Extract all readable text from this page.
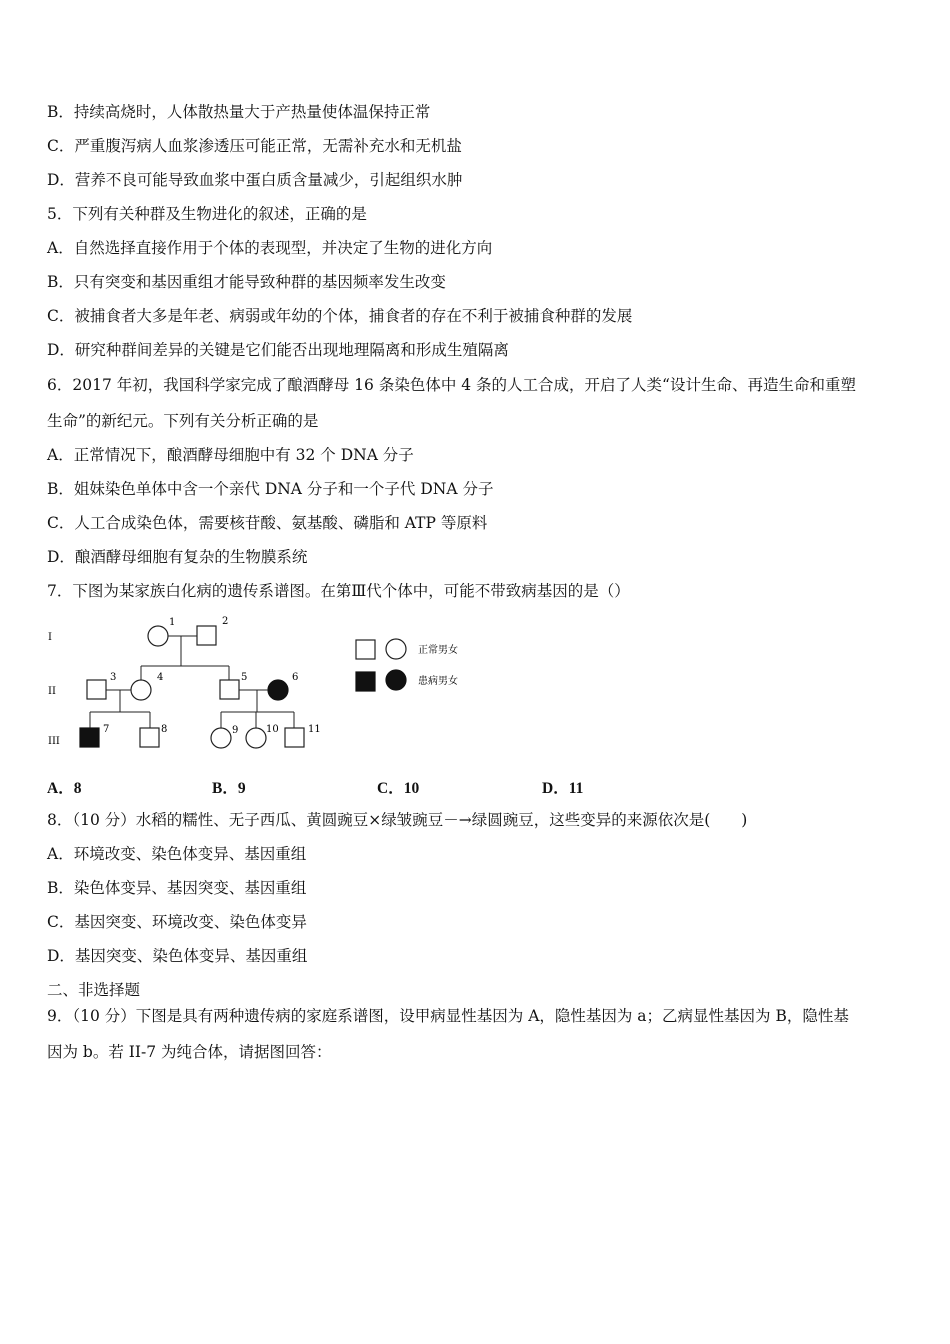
B．持续高烧时，人体散热量大于产热量使体温保持正常
C．严重腹泻病人血浆渗透压可能正常，无需补充水和无机盐
D．营养不良可能导致血浆中蛋白质含量减少，引起组织水肿
5．下列有关种群及生物进化的叙述，正确的是
A．自然选择直接作用于个体的表现型，并决定了生物的进化方向
B．只有突变和基因重组才能导致种群的基因频率发生改变
C．被捕食者大多是年老、病弱或年幼的个体，捕食者的存在不利于被捕食种群的发展
D．研究种群间差异的关键是它们能否出现地理隔离和形成生殖隔离
6．2017 年初，我国科学家完成了酿酒酵母 16 条染色体中 4 条的人工合成，开启了人类“设计生命、再造生命和重塑
生命”的新纪元。下列有关分析正确的是
A．正常情况下，酿酒酵母细胞中有 32 个 DNA 分子
B．姐妹染色单体中含一个亲代 DNA 分子和一个子代 DNA 分子
C．人工合成染色体，需要核苷酸、氨基酸、磷脂和 ATP 等原料
D．酿酒酵母细胞有复杂的生物膜系统
7．下图为某家族白化病的遗传系谱图。在第Ⅲ代个体中，可能不带致病基因的是（）
I
II
III
1	2
3	4	5	6
7	8	9	10	11
正常男女
患病男女
A．8	B．9	C．10	D．11
8．（10 分）水稻的糯性、无子西瓜、黄圆豌豆×绿皱豌豆－→绿圆豌豆，这些变异的来源依次是(　　)
A．环境改变、染色体变异、基因重组
B．染色体变异、基因突变、基因重组
C．基因突变、环境改变、染色体变异
D．基因突变、染色体变异、基因重组
二、非选择题
9．（10 分）下图是具有两种遗传病的家庭系谱图，设甲病显性基因为 A，隐性基因为 a；乙病显性基因为 B，隐性基
因为 b。若 II-7 为纯合体，请据图回答：
